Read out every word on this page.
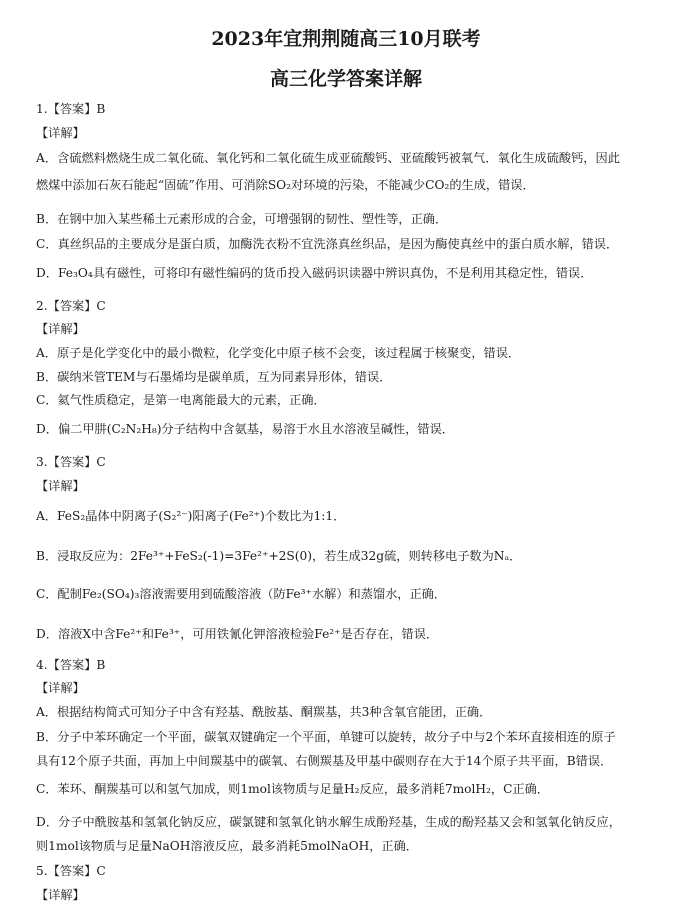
2023年宜荆荆随高三10月联考
高三化学答案详解
1.【答案】B
【详解】
A．含硫燃料燃烧生成二氧化硫、氧化钙和二氧化硫生成亚硫酸钙、亚硫酸钙被氧气．氧化生成硫酸钙，因此
燃煤中添加石灰石能起“固硫”作用、可消除SO₂对环境的污染，不能减少CO₂的生成，错误．
B．在钢中加入某些稀土元素形成的合金，可增强钢的韧性、塑性等，正确．
C．真丝织品的主要成分是蛋白质，加酶洗衣粉不宜洗涤真丝织品，是因为酶使真丝中的蛋白质水解，错误．
D．Fe₃O₄具有磁性，可将印有磁性编码的货币投入磁码识读器中辨识真伪，不是利用其稳定性，错误．
2.【答案】C
【详解】
A．原子是化学变化中的最小微粒，化学变化中原子核不会变，该过程属于核聚变，错误．
B．碳纳米管TEM与石墨烯均是碳单质，互为同素异形体，错误．
C．氦气性质稳定，是第一电离能最大的元素，正确．
D．偏二甲肼(C₂N₂H₈)分子结构中含氨基，易溶于水且水溶液呈碱性，错误．
3.【答案】C
【详解】
A．FeS₂晶体中阴离子(S₂²⁻)阳离子(Fe²⁺)个数比为1:1．
B．浸取反应为：2Fe³⁺+FeS₂(-1)=3Fe²⁺+2S(0)，若生成32g硫，则转移电子数为Nₐ．
C．配制Fe₂(SO₄)₃溶液需要用到硫酸溶液（防Fe³⁺水解）和蒸馏水，正确．
D．溶液X中含Fe²⁺和Fe³⁺，可用铁氰化钾溶液检验Fe²⁺是否存在，错误．
4.【答案】B
【详解】
A．根据结构简式可知分子中含有羟基、酰胺基、酮羰基，共3种含氧官能团，正确．
B．分子中苯环确定一个平面，碳氧双键确定一个平面，单键可以旋转，故分子中与2个苯环直接相连的原子
具有12个原子共面，再加上中间羰基中的碳氧、右侧羰基及甲基中碳则存在大于14个原子共平面，B错误．
C．苯环、酮羰基可以和氢气加成，则1mol该物质与足量H₂反应，最多消耗7molH₂，C正确．
D．分子中酰胺基和氢氧化钠反应，碳氯键和氢氧化钠水解生成酚羟基，生成的酚羟基又会和氢氧化钠反应，
则1mol该物质与足量NaOH溶液反应，最多消耗5molNaOH，正确．
5.【答案】C
【详解】
